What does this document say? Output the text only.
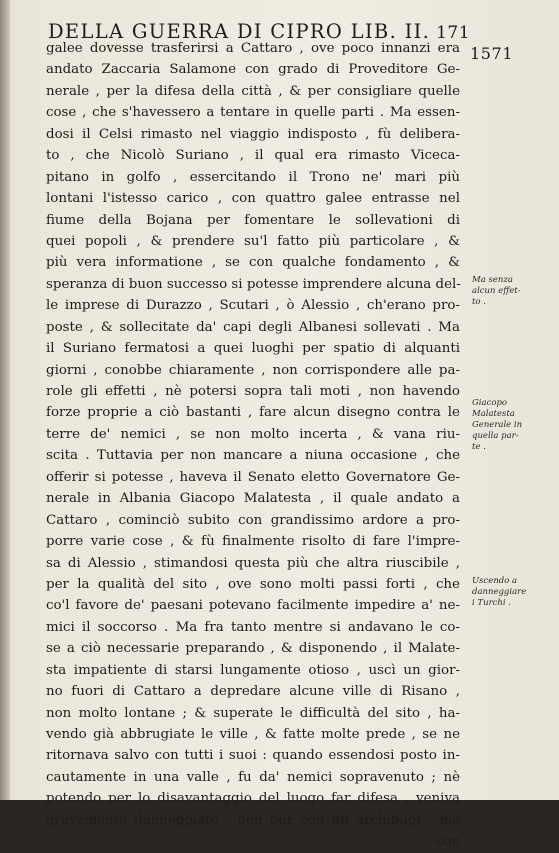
DELLA GUERRA DI CIPRO LIB. II. 171
1571
galee dovesse trasferirsi a Cattaro , ove poco innanzi era
andato Zaccaria Salamone con grado di Proveditore Ge-
nerale , per la difesa della città , & per consigliare quelle
cose , che s'havessero a tentare in quelle parti . Ma essen-
dosi il Celsi rimasto nel viaggio indisposto , fù delibera-
to , che Nicolò Suriano , il qual era rimasto Viceca-
pitano in golfo , essercitando il Trono ne' mari più
lontani l'istesso carico , con quattro galee entrasse nel
fiume della Bojana per fomentare le sollevationi di
quei popoli , & prendere su'l fatto più particolare , &
più vera informatione , se con qualche fondamento , &
speranza di buon successo si potesse imprendere alcuna del-
le imprese di Durazzo , Scutari , ò Alessio , ch'erano pro-
poste , & sollecitate da' capi degli Albanesi sollevati . Ma
il Suriano fermatosi a quei luoghi per spatio di alquanti
giorni , conobbe chiaramente , non corrispondere alle pa-
role gli effetti , nè potersi sopra tali moti , non havendo
forze proprie a ciò bastanti , fare alcun disegno contra le
terre de' nemici , se non molto incerta , & vana riu-
scita . Tuttavia per non mancare a niuna occasione , che
offerir si potesse , haveva il Senato eletto Governatore Ge-
nerale in Albania Giacopo Malatesta , il quale andato a
Cattaro , cominciò subito con grandissimo ardore a pro-
porre varie cose , & fù finalmente risolto di fare l'impre-
sa di Alessio , stimandosi questa più che altra riuscibile ,
per la qualità del sito , ove sono molti passi forti , che
co'l favore de' paesani potevano facilmente impedire a' ne-
mici il soccorso . Ma fra tanto mentre si andavano le co-
se a ciò necessarie preparando , & disponendo , il Malate-
sta impatiente di starsi lungamente otioso , uscì un gior-
no fuori di Cattaro a depredare alcune ville di Risano ,
non molto lontane ; & superate le difficultà del sito , ha-
vendo già abbrugiate le ville , & fatte molte prede , se ne
ritornava salvo con tutti i suoi : quando essendosi posto in-
cautamente in una valle , fu da' nemici sopravenuto ; nè
potendo per lo disavantaggio del luogo far difesa , veniva
gravemente danneggiato , non pur con gli archibugi , ma
con
Ma senza
alcun effet-
to .
Giacopo
Malatesta
Generale in
quella par-
te .
Uscendo a
danneggiare
i Turchi .
